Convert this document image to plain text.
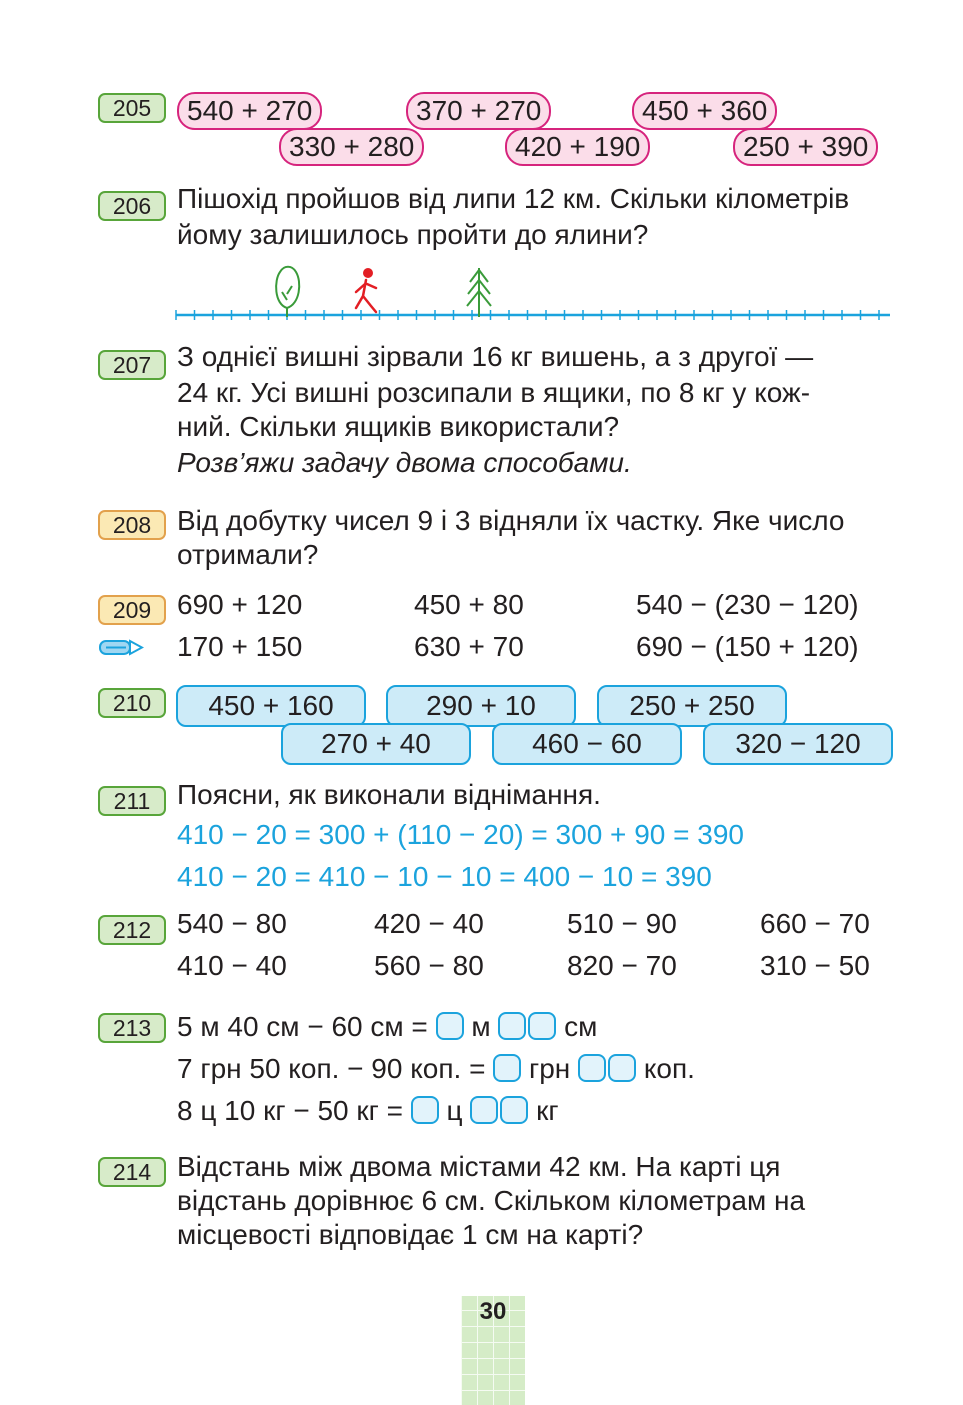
205	540 + 270	370 + 270	450 + 360
330 + 280	420 + 190	250 + 390
206 Пішохід пройшов від липи 12 км. Скільки кілометрів
йому залишилось пройти до ялини?
207 З однієї вишні зірвали 16 кг вишень, а з другої —
24 кг. Усі вишні розсипали в ящики, по 8 кг у кож-
ний. Скільки ящиків використали?
Розв’яжи задачу двома способами.
208 Від добутку чисел 9 і 3 відняли їх частку. Яке число
отримали?
209 690 + 120	450 + 80	540 − (230 − 120)
170 + 150	630 + 70	690 − (150 + 120)
210	450 + 160	290 + 10	250 + 250
270 + 40	460 − 60	320 − 120
211 Поясни, як виконали віднімання.
410 − 20 = 300 + (110 − 20) = 300 + 90 = 390
410 − 20 = 410 − 10 − 10 = 400 − 10 = 390
212 540 − 80	420 − 40	510 − 90	660 − 70
410 − 40	560 − 80	820 − 70	310 − 50
213 5 м 40 см − 60 см = м	см
7 грн 50 коп. − 90 коп. = грн	коп.
8 ц 10 кг − 50 кг = ц	кг
214 Відстань між двома містами 42 км. На карті ця
відстань дорівнює 6 см. Скільком кілометрам на
місцевості відповідає 1 см на карті?
30
